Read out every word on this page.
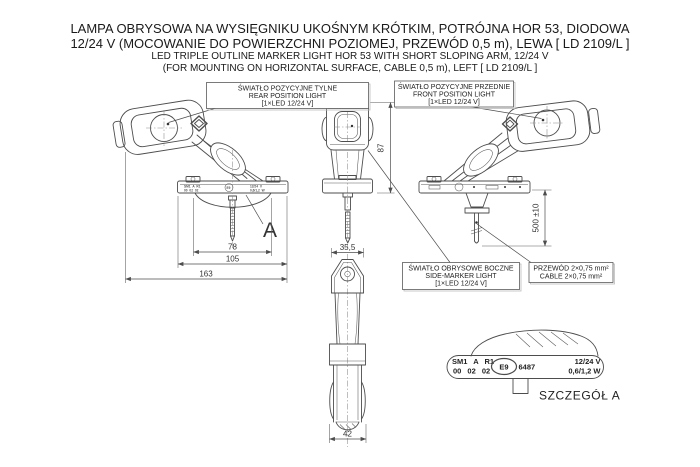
LAMPA OBRYSOWA NA WYSIĘGNIKU UKOŚNYM KRÓTKIM, POTRÓJNA HOR 53, DIODOWA
12/24 V (MOCOWANIE DO POWIERZCHNI POZIOMEJ, PRZEWÓD 0,5 m), LEWA [ LD 2109/L ]
LED TRIPLE OUTLINE MARKER LIGHT HOR 53 WITH SHORT SLOPING ARM, 12/24 V
(FOR MOUNTING ON HORIZONTAL SURFACE, CABLE 0,5 m), LEFT [ LD 2109/L ]
SM1 A R1
00 02 02
E9	12/24 V
0,6/1,2 W
A
78
105
163
87
35,5
42
500 ±10
ŚWIATŁO POZYCYJNE TYLNE
REAR POSITION LIGHT
[1×LED 12/24 V]
ŚWIATŁO POZYCYJNE PRZEDNIE
FRONT POSITION LIGHT
[1×LED 12/24 V]
ŚWIATŁO OBRYSOWE BOCZNE
SIDE-MARKER LIGHT
[1×LED 12/24 V]
PRZEWÓD 2×0,75 mm²
CABLE 2×0,75 mm²
SM1 A R1
00 02 02 E9 6487
12/24 V
0,6/1,2 W
SZCZEGÓŁ A
